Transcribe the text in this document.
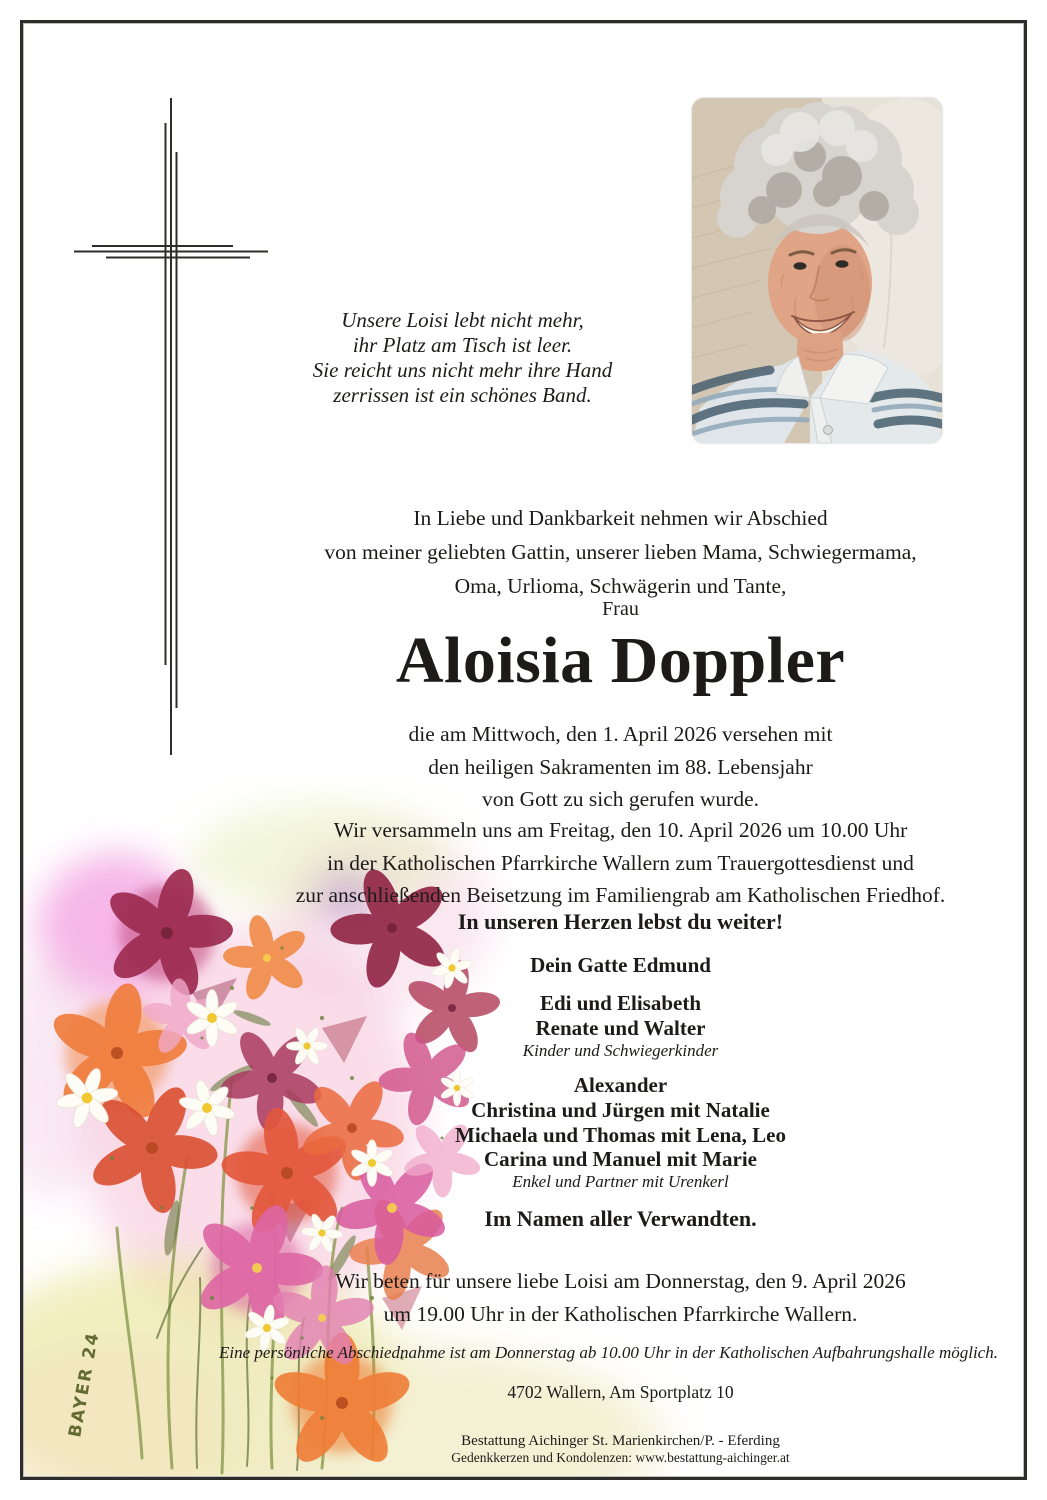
BAYER 24
Unsere Loisi lebt nicht mehr,
ihr Platz am Tisch ist leer.
Sie reicht uns nicht mehr ihre Hand
zerrissen ist ein schönes Band.
In Liebe und Dankbarkeit nehmen wir Abschied
von meiner geliebten Gattin, unserer lieben Mama, Schwiegermama,
Oma, Urlioma, Schwägerin und Tante,
Frau
Aloisia Doppler
die am Mittwoch, den 1. April 2026 versehen mit
den heiligen Sakramenten im 88. Lebensjahr
von Gott zu sich gerufen wurde.
Wir versammeln uns am Freitag, den 10. April 2026 um 10.00 Uhr
in der Katholischen Pfarrkirche Wallern zum Trauergottesdienst und
zur anschließenden Beisetzung im Familiengrab am Katholischen Friedhof.
In unseren Herzen lebst du weiter!
Dein Gatte Edmund
Edi und Elisabeth
Renate und Walter
Kinder und Schwiegerkinder
Alexander
Christina und Jürgen mit Natalie
Michaela und Thomas mit Lena, Leo
Carina und Manuel mit Marie
Enkel und Partner mit Urenkerl
Im Namen aller Verwandten.
Wir beten für unsere liebe Loisi am Donnerstag, den 9. April 2026
um 19.00 Uhr in der Katholischen Pfarrkirche Wallern.
Eine persönliche Abschiednahme ist am Donnerstag ab 10.00 Uhr in der Katholischen Aufbahrungshalle möglich.
4702 Wallern, Am Sportplatz 10
Bestattung Aichinger St. Marienkirchen/P. - Eferding
Gedenkkerzen und Kondolenzen: www.bestattung-aichinger.at
